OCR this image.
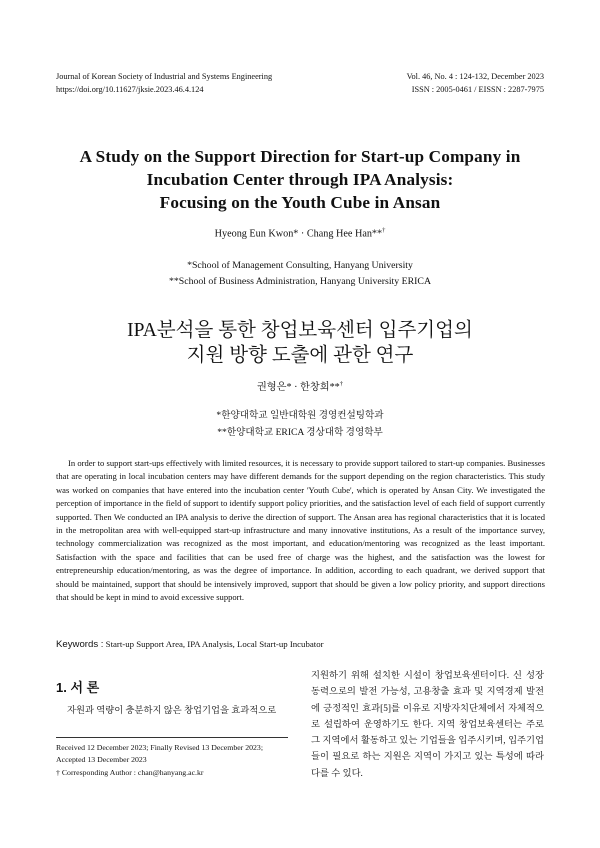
Journal of Korean Society of Industrial and Systems Engineering
https://doi.org/10.11627/jksie.2023.46.4.124
Vol. 46, No. 4 : 124-132, December 2023
ISSN : 2005-0461 / EISSN : 2287-7975
A Study on the Support Direction for Start-up Company in
Incubation Center through IPA Analysis:
Focusing on the Youth Cube in Ansan
Hyeong Eun Kwon* · Chang Hee Han**†
*School of Management Consulting, Hanyang University
**School of Business Administration, Hanyang University ERICA
IPA분석을 통한 창업보육센터 입주기업의
지원 방향 도출에 관한 연구
권형은* · 한창희**†
*한양대학교 일반대학원 경영컨설팅학과
**한양대학교 ERICA 경상대학 경영학부

In order to support start-ups effectively with limited resources, it is necessary to provide support tailored to start-up companies. Businesses that are operating in local incubation centers may have different demands for the support depending on the region characteristics. This study was worked on companies that have entered into the incubation center 'Youth Cube', which is operated by Ansan City. We investigated the perception of importance in the field of support to identify support policy priorities, and the satisfaction level of each field of support currently supported. Then We conducted an IPA analysis to derive the direction of support. The Ansan area has regional characteristics that it is located in the metropolitan area with well-equipped start-up infrastructure and many innovative institutions, As a result of the importance survey, technology commercialization was recognized as the most important, and education/mentoring was recognized as the least important. Satisfaction with the space and facilities that can be used free of charge was the highest, and the satisfaction was the lowest for entrepreneurship education/mentoring, as was the degree of importance. In addition, according to each quadrant, we derived support that should be maintained, support that should be intensively improved, support that should be given a low policy priority, and support directions that should be kept in mind to avoid excessive support.

Keywords : Start-up Support Area, IPA Analysis, Local Start-up Incubator
1. 서 론
자원과 역량이 충분하지 않은 창업기업을 효과적으로
Received 12 December 2023; Finally Revised 13 December 2023; Accepted 13 December 2023
† Corresponding Author : chan@hanyang.ac.kr
지원하기 위해 설치한 시설이 창업보육센터이다. 신 성장 동력으로의 발전 가능성, 고용창출 효과 및 지역경제 발전에 긍정적인 효과[5]를 이유로 지방자치단체에서 자체적으로 설립하여 운영하기도 한다. 지역 창업보육센터는 주로 그 지역에서 활동하고 있는 기업들을 입주시키며, 입주기업들이 필요로 하는 지원은 지역이 가지고 있는 특성에 따라 다를 수 있다.
